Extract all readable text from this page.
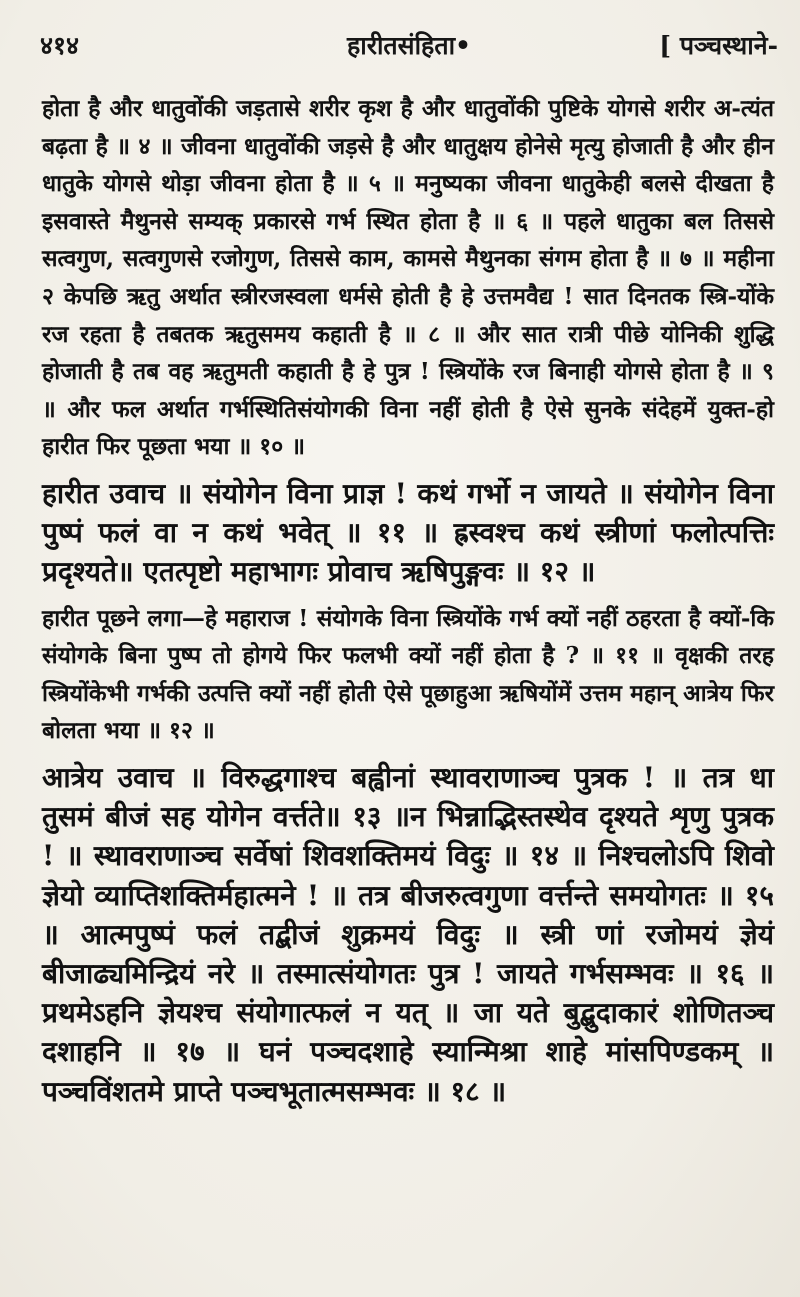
४१४	हारीतसंहिता•	[ पञ्चस्थाने-

होता है और धातुवोंकी जड़तासे शरीर कृश है और धातुवोंकी पुष्टिके योगसे शरीर अ-त्यंत बढ़ता है ॥ ४ ॥ जीवना धातुवोंकी जड़से है और धातुक्षय होनेसे मृत्यु होजाती है और हीन धातुके योगसे थोड़ा जीवना होता है ॥ ५ ॥ मनुष्यका जीवना धातुकेही बलसे दीखता है इसवास्ते मैथुनसे सम्यक् प्रकारसे गर्भ स्थित होता है ॥ ६ ॥ पहले धातुका बल तिससे सत्वगुण, सत्वगुणसे रजोगुण, तिससे काम, कामसे मैथुनका संगम होता है ॥ ७ ॥ महीना २ केपछि ऋतु अर्थात स्त्रीरजस्वला धर्मसे होती है हे उत्तमवैद्य ! सात दिनतक स्त्रि-योंके रज रहता है तबतक ऋतुसमय कहाती है ॥ ८ ॥ और सात रात्री पीछे योनिकी शुद्धि होजाती है तब वह ऋतुमती कहाती है हे पुत्र ! स्त्रियोंके रज बिनाही योगसे होता है ॥ ९ ॥ और फल अर्थात गर्भस्थितिसंयोगकी विना नहीं होती है ऐसे सुनके संदेहमें युक्त-हो हारीत फिर पूछता भया ॥ १० ॥

हारीत उवाच ॥ संयोगेन विना प्राज्ञ ! कथं गर्भो न जायते ॥ संयोगेन विना पुष्पं फलं वा न कथं भवेत् ॥ ११ ॥ ह्रस्वश्च कथं स्त्रीणां फलोत्पत्तिः प्रदृश्यते॥ एतत्पृष्टो महाभागः प्रोवाच ऋषिपुङ्गवः ॥ १२ ॥

हारीत पूछने लगा—हे महाराज ! संयोगके विना स्त्रियोंके गर्भ क्यों नहीं ठहरता है क्यों-कि संयोगके बिना पुष्प तो होगये फिर फलभी क्यों नहीं होता है ? ॥ ११ ॥ वृक्षकी तरह स्त्रियोंकेभी गर्भकी उत्पत्ति क्यों नहीं होती ऐसे पूछाहुआ ऋषियोंमें उत्तम महान् आत्रेय फिर बोलता भया ॥ १२ ॥

आत्रेय उवाच ॥ विरुद्धगाश्च बह्वीनां स्थावराणाञ्च पुत्रक ! ॥ तत्र धा तुसमं बीजं सह योगेन वर्त्तते॥ १३ ॥न भिन्नाद्भिस्तस्थेव दृश्यते शृणु पुत्रक ! ॥ स्थावराणाञ्च सर्वेषां शिवशक्तिमयं विदुः ॥ १४ ॥ निश्चलोऽपि शिवो ज्ञेयो व्याप्तिशक्तिर्महात्मने ! ॥ तत्र बीजरुत्वगुणा वर्त्तन्ते समयोगतः ॥ १५ ॥ आत्मपुष्पं फलं तद्बीजं शुक्रमयं विदुः ॥ स्त्री णां रजोमयं ज्ञेयं बीजाढ्यमिन्द्रियं नरे ॥ तस्मात्संयोगतः पुत्र ! जायते गर्भसम्भवः ॥ १६ ॥ प्रथमेऽहनि ज्ञेयश्च संयोगात्फलं न यत् ॥ जा यते बुद्बुदाकारं शोणितञ्च दशाहनि ॥ १७ ॥ घनं पञ्चदशाहे स्यान्मिश्रा शाहे मांसपिण्डकम् ॥ पञ्चविंशतमे प्राप्ते पञ्चभूतात्मसम्भवः ॥ १८ ॥
